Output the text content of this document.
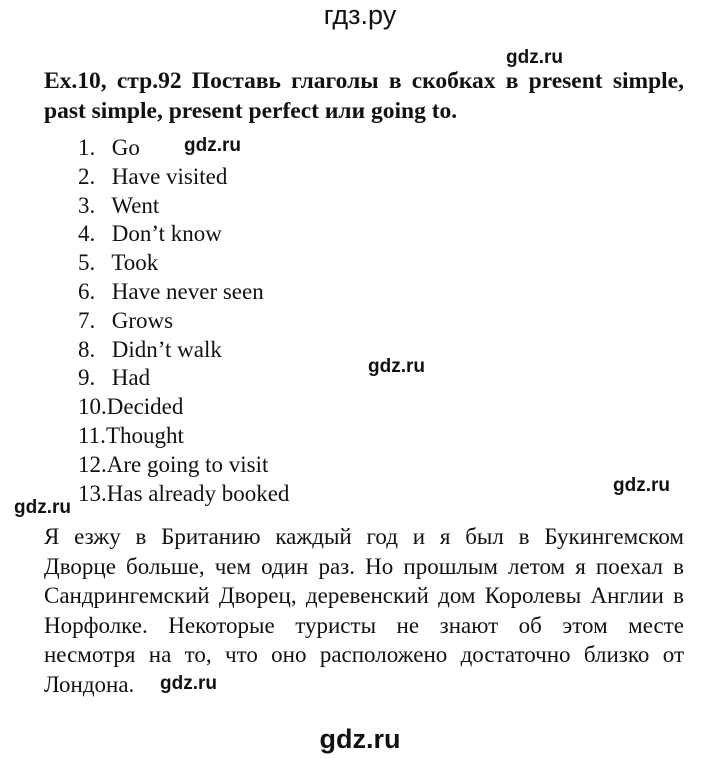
гдз.ру
gdz.ru
gdz.ru
gdz.ru
gdz.ru
gdz.ru
gdz.ru
gdz.ru
Ex.10, стр.92 Поставь глаголы в скобках в present simple,
past simple, present perfect или going to.
1. Go
2. Have visited
3. Went
4. Don’t know
5. Took
6. Have never seen
7. Grows
8. Didn’t walk
9. Had
10.Decided
11.Thought
12.Are going to visit
13.Has already booked
Я езжу в Британию каждый год и я был в Букингемском
Дворце больше, чем один раз. Но прошлым летом я поехал в
Сандрингемский Дворец, деревенский дом Королевы Англии в
Норфолке. Некоторые туристы не знают об этом месте
несмотря на то, что оно расположено достаточно близко от
Лондона.
